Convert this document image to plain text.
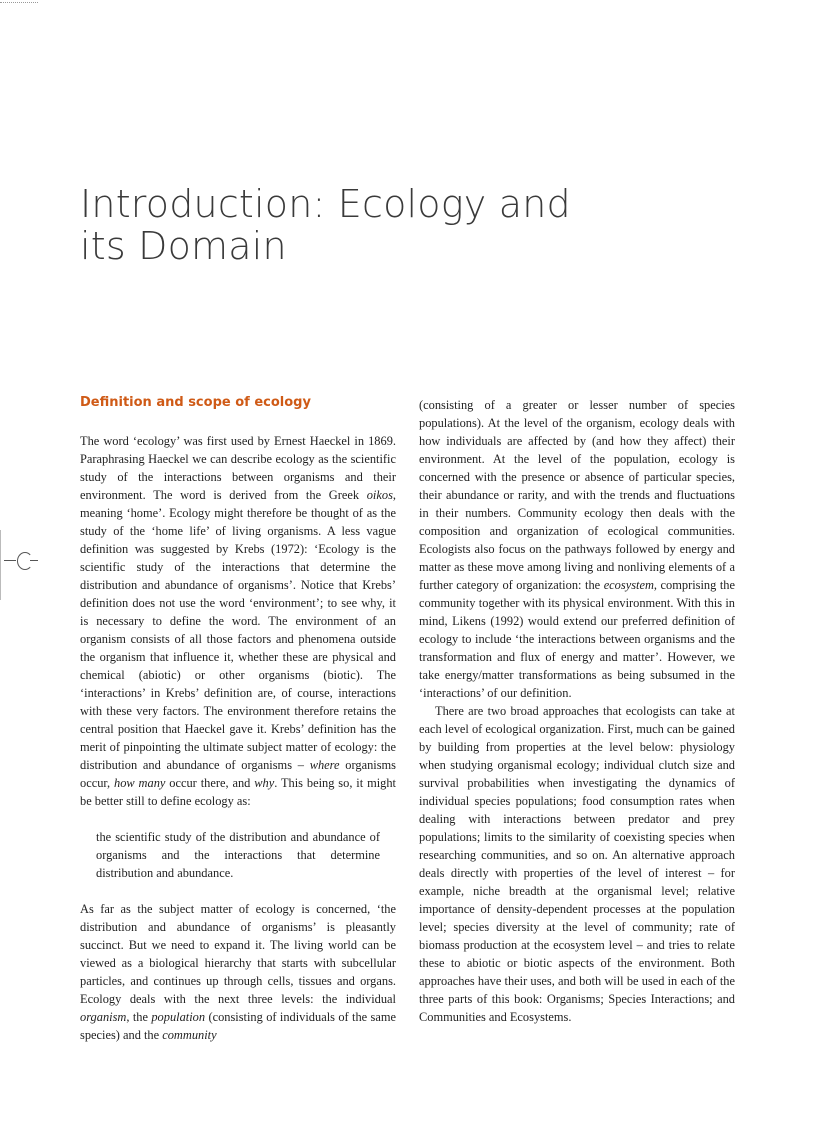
Introduction: Ecology and
its Domain
Definition and scope of ecology

The word ‘ecology’ was first used by Ernest Haeckel in 1869. Paraphrasing Haeckel we can describe ecology as the scientific study of the interactions between organisms and their environment. The word is derived from the Greek oikos, meaning ‘home’. Ecology might therefore be thought of as the study of the ‘home life’ of living organisms. A less vague definition was suggested by Krebs (1972): ‘Ecology is the scientific study of the interactions that determine the distribution and abundance of organisms’. Notice that Krebs’ definition does not use the word ‘environment’; to see why, it is necessary to define the word. The environment of an organism consists of all those factors and phenomena outside the organism that influence it, whether these are physical and chemical (abiotic) or other organisms (biotic). The ‘interactions’ in Krebs’ definition are, of course, interactions with these very factors. The environment therefore retains the central position that Haeckel gave it. Krebs’ definition has the merit of pinpointing the ultimate subject matter of ecology: the distribution and abundance of organisms – where organisms occur, how many occur there, and why. This being so, it might be better still to define ecology as:

the scientific study of the distribution and abundance of organisms and the interactions that determine distribution and abundance.

As far as the subject matter of ecology is concerned, ‘the distribution and abundance of organisms’ is pleasantly succinct. But we need to expand it. The living world can be viewed as a biological hierarchy that starts with subcellular particles, and continues up through cells, tissues and organs. Ecology deals with the next three levels: the individual organism, the population (consisting of individuals of the same species) and the community

(consisting of a greater or lesser number of species populations). At the level of the organism, ecology deals with how individuals are affected by (and how they affect) their environment. At the level of the population, ecology is concerned with the presence or absence of particular species, their abundance or rarity, and with the trends and fluctuations in their numbers. Community ecology then deals with the composition and organization of ecological communities. Ecologists also focus on the pathways followed by energy and matter as these move among living and nonliving elements of a further category of organization: the ecosystem, comprising the community together with its physical environment. With this in mind, Likens (1992) would extend our preferred definition of ecology to include ‘the interactions between organisms and the transformation and flux of energy and matter’. However, we take energy/matter transformations as being subsumed in the ‘interactions’ of our definition.

There are two broad approaches that ecologists can take at each level of ecological organization. First, much can be gained by building from properties at the level below: physiology when studying organismal ecology; individual clutch size and survival probabilities when investigating the dynamics of individual species populations; food consumption rates when dealing with interactions between predator and prey populations; limits to the similarity of coexisting species when researching communities, and so on. An alternative approach deals directly with properties of the level of interest – for example, niche breadth at the organismal level; relative importance of density-dependent processes at the population level; species diversity at the level of community; rate of biomass production at the ecosystem level – and tries to relate these to abiotic or biotic aspects of the environment. Both approaches have their uses, and both will be used in each of the three parts of this book: Organisms; Species Interactions; and Communities and Ecosystems.
